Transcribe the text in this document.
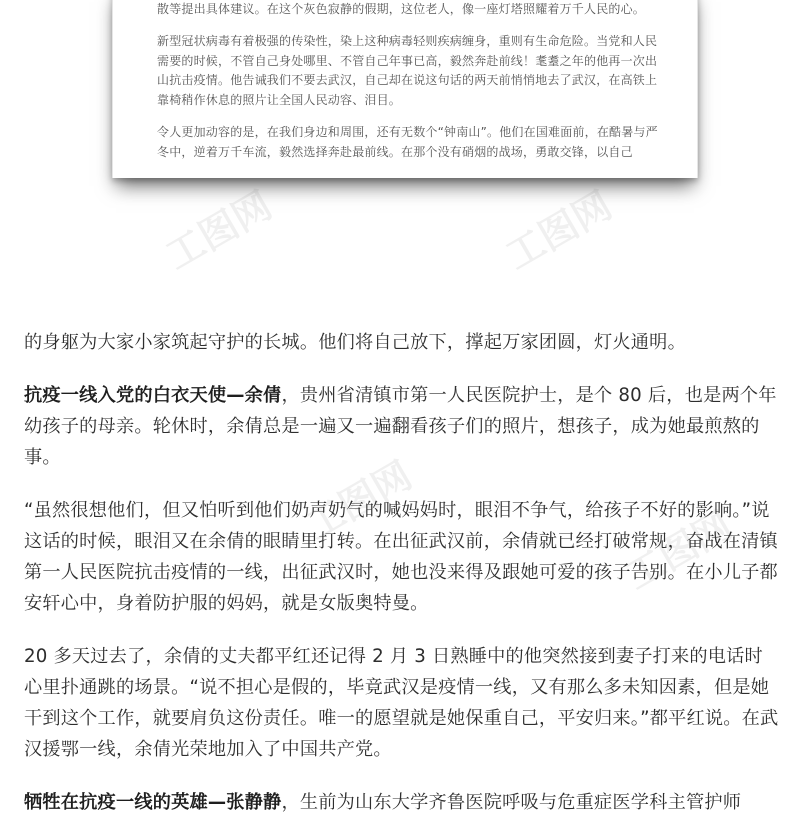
散等提出具体建议。在这个灰色寂静的假期，这位老人，像一座灯塔照耀着万千人民的心。

新型冠状病毒有着极强的传染性，染上这种病毒轻则疾病缠身，重则有生命危险。当党和人民需要的时候，不管自己身处哪里、不管自己年事已高，毅然奔赴前线！耄耋之年的他再一次出山抗击疫情。他告诫我们不要去武汉，自己却在说这句话的两天前悄悄地去了武汉，在高铁上靠椅稍作休息的照片让全国人民动容、泪目。

令人更加动容的是，在我们身边和周围，还有无数个“钟南山”。他们在国难面前，在酷暑与严冬中，逆着万千车流，毅然选择奔赴最前线。在那个没有硝烟的战场，勇敢交锋，以自己

工图网	工图网
工图网
工图网

的身躯为大家小家筑起守护的长城。他们将自己放下，撑起万家团圆，灯火通明。

抗疫一线入党的白衣天使—余倩，贵州省清镇市第一人民医院护士，是个 80 后，也是两个年幼孩子的母亲。轮休时，余倩总是一遍又一遍翻看孩子们的照片，想孩子，成为她最煎熬的事。

“虽然很想他们，但又怕听到他们奶声奶气的喊妈妈时，眼泪不争气，给孩子不好的影响。”说这话的时候，眼泪又在余倩的眼睛里打转。在出征武汉前，余倩就已经打破常规，奋战在清镇第一人民医院抗击疫情的一线，出征武汉时，她也没来得及跟她可爱的孩子告别。在小儿子都安轩心中，身着防护服的妈妈，就是女版奥特曼。

20 多天过去了，余倩的丈夫都平红还记得 2 月 3 日熟睡中的他突然接到妻子打来的电话时心里扑通跳的场景。“说不担心是假的，毕竟武汉是疫情一线，又有那么多未知因素，但是她干到这个工作，就要肩负这份责任。唯一的愿望就是她保重自己，平安归来。”都平红说。在武汉援鄂一线，余倩光荣地加入了中国共产党。

牺牲在抗疫一线的英雄—张静静，生前为山东大学齐鲁医院呼吸与危重症医学科主管护师
